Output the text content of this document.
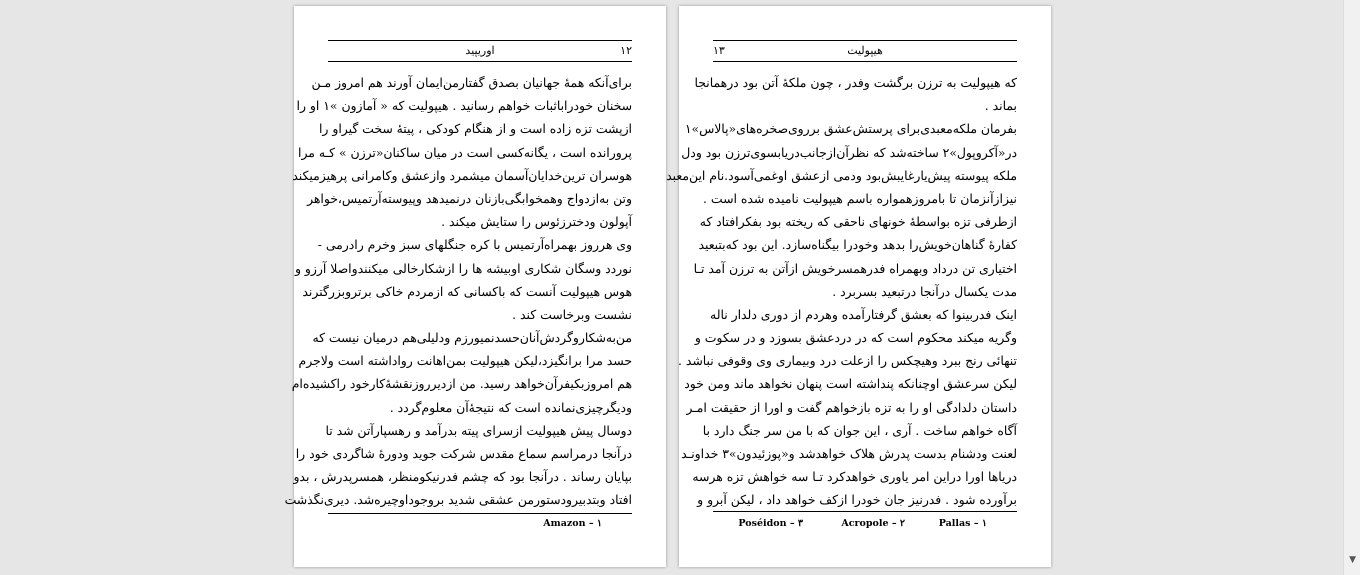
۱۲
اوریپید
برای‌آنکه همهٔ جهانیان بصدق گفتارمن‌ایمان آورند هم امروز مـن
سخنان خودرا‌باثبات خواهم رسانید . هیپولیت که « آمازون »۱ او را
ازپشت تزه زاده است و از هنگام کودکی ، پیتهٔ سخت گیراو را
پرورانده است ، یگانه‌کسی است در میان ساکنان«ترزن » کـه مرا
هوسران ترین‌خدایان‌آسمان میشمرد وازعشق وکامرانی پرهیزمیکند
وتن به‌ازدواج وهمخوابگی‌بازنان درنمیدهد وپیوسته‌آرتمیس،خواهر
آپولون ودخترزئوس را ستایش میکند .
وی هرروز بهمراه‌آرتمیس با کره جنگلهای سبز وخرم رادرمی -
نوردد وسگان شکاری اوبیشه ها را ازشکارخالی میکنندواصلا آرزو و
هوس هیپولیت آنست که باکسانی که ازمردم خاکی برتروبزرگترند
نشست وبرخاست کند .
من‌بەشکاروگردش‌آنان‌حسدنمیورزم ودلیلی‌هم درمیان نیست که
حسد مرا برانگیزد،لیکن هیپولیت بمن‌اهانت رواداشته است ولاجرم
هم امروز‌بکیفرآن‌خواهد رسید. من ازدیرروزنقشهٔ‌کارخود را‌کشیده‌ام
ودیگرچیزی‌نمانده است که نتیجهٔ‌آن معلوم‌گردد .
دوسال پیش هیپولیت ازسرای پیته بدرآمد و رهسپارآتن شد تا
درآنجا درمراسم سماع مقدس شرکت جوید ودورهٔ شاگردی خود را
بپایان رساند . درآنجا بود که چشم فدرنیکومنظر، همسرپدرش ، بدو
افتاد وبتدبیرودستورمن عشقی شدید بروجوداوچیره‌شد. دیری‌نگذشت
۱ – Amazon
۱۳	هیپولیت
که هیپولیت به ترزن برگشت وفدر ، چون ملکهٔ آتن بود درهمانجا
بماند .
بفرمان ملکه‌معبدی‌برای پرستش‌عشق برروی‌صخره‌های«پالاس»۱
در«آکروپول»۲ ساخته‌شد که نظرآن‌ازجانب‌دریا‌بسوی‌ترزن بود ودل
ملکه پیوسته پیش‌یارغایبش‌بود ودمی ازعشق اوغمی‌آسود.نام این‌معبد
نیزازآنزمان تا بامروزهمواره باسم هیپولیت نامیده شده است .
ازطرفی تزه بواسطهٔ خونهای ناحقی که ریخته بود بفکرافتاد که
کفارهٔ گناهان‌خویش‌را بدهد وخودرا بیگناه‌سازد. این بود که‌بتبعید
اختیاری تن درداد وبهمراه فدرهمسرخویش ازآتن به ترزن آمد تـا
مدت یکسال درآنجا درتبعید بسربرد .
اینک فدربینوا که بعشق گرفتارآمده وهردم از دوری دلدار ناله
وگریه میکند محکوم است که در دردعشق بسوزد و در سکوت و
تنهائی رنج ببرد وهیچکس را ازعلت درد وبیماری وی وقوفی نباشد .
لیکن سرعشق اوچنانکه پنداشته است پنهان نخواهد ماند ومن خود
داستان دلدادگی او را به تزه بازخواهم گفت و اورا از حقیقت امـر
آگاه خواهم ساخت . آری ، این جوان که با من سر جنگ دارد با
لعنت ودشنام بدست پدرش هلاک خواهدشد و«پوزئیدون»۳ خداونـد
دریاها اورا دراین امر یاوری خواهدکرد تـا سه خواهش تزه هرسه
برآورده شود . فدرنیز جان خودرا ازکف خواهد داد ، لیکن آبرو و
۱ – Pallas
۲ – Acropole
۳ – Poséidon
▼
